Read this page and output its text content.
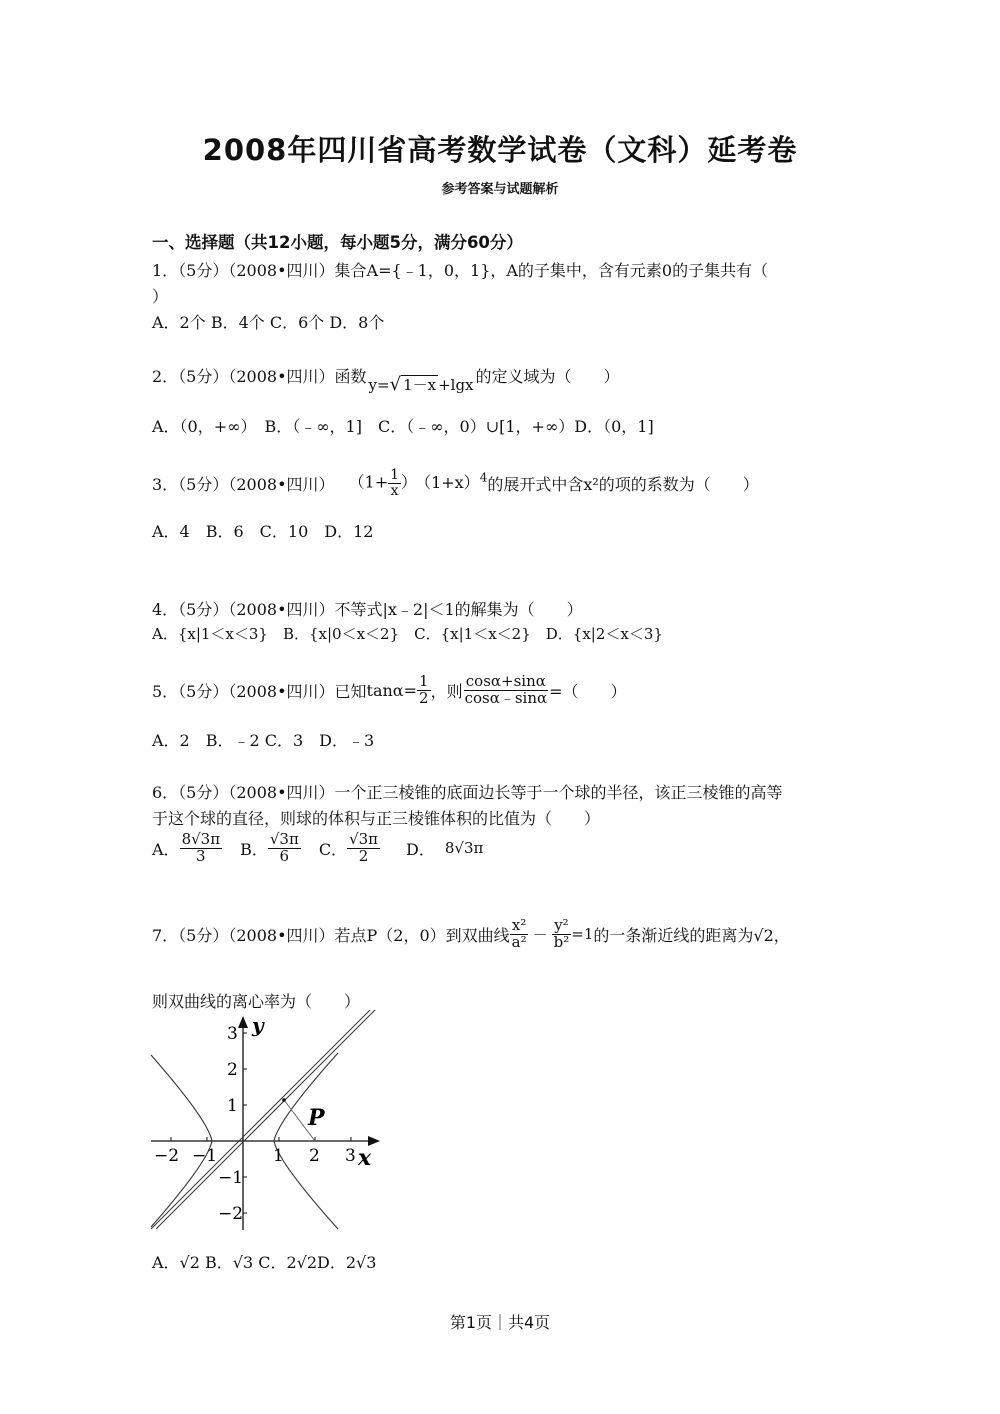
2008年四川省高考数学试卷（文科）延考卷
参考答案与试题解析
一、选择题（共12小题，每小题5分，满分60分）
1．（5分）（2008•四川）集合A={﹣1，0，1}，A的子集中，含有元素0的子集共有（
）
A．2个 B．4个 C．6个 D．8个
2．（5分）（2008•四川）函数 y=√ 1－x +lgx 的定义域为（　　）
A．（0，+∞）　B．（﹣∞，1]　C．（﹣∞，0）∪[1，+∞）D．（0，1]
3．（5分）（2008•四川） （$1+ \frac{1}{x}$ ） $(1+x)^4$ 的展开式中含x²的项的系数为（　　）
A．4　B．6　C．10　D．12
4．（5分）（2008•四川）不等式|x﹣2|＜1的解集为（　　）
A．{x|1＜x＜3}　B．{x|0＜x＜2}　C．{x|1＜x＜2}　D．{x|2＜x＜3}
5．（5分）（2008•四川）已知 $\tan\alpha= \frac{1}{2}$ ，则 $\frac{\cos\alpha+\sin\alpha}{\cos\alpha﹣\sin\alpha}$ =（　　）
A．2　B．﹣2 C．3　D．﹣3
6．（5分）（2008•四川）一个正三棱锥的底面边长等于一个球的半径，该正三棱锥的高等
于这个球的直径，则球的体积与正三棱锥体积的比值为（　　）
A． $\frac{8√3\pi}{3}$ B． $\frac{√3\pi}{6}$ C． $\frac{√3\pi}{2}$ D． 8√3π
7．（5分）（2008•四川）若点P（2，0）到双曲线 $\frac{\text{x²}}{\text{a²}} - \frac{\text{y²}}{\text{b²}} =1$ 的一条渐近线的距离为 √2，
则双曲线的离心率为（　　）
P
x
y
−2 −1	1 2 3
3
2
1
−1
−2
A．√2 B．√3 C．2√2D．2√3
第1页｜共4页
